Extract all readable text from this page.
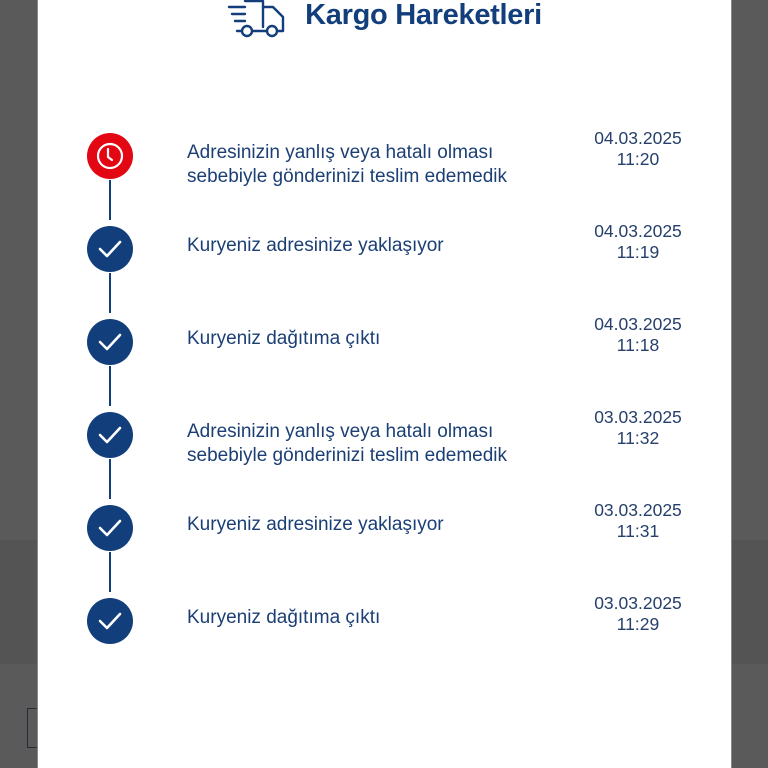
Kargo Hareketleri
Adresinizin yanlış veya hatalı olması sebebiyle gönderinizi teslim edemedik
04.03.2025
11:20
Kuryeniz adresinize yaklaşıyor
04.03.2025
11:19
Kuryeniz dağıtıma çıktı
04.03.2025
11:18
Adresinizin yanlış veya hatalı olması sebebiyle gönderinizi teslim edemedik
03.03.2025
11:32
Kuryeniz adresinize yaklaşıyor
03.03.2025
11:31
Kuryeniz dağıtıma çıktı
03.03.2025
11:29
